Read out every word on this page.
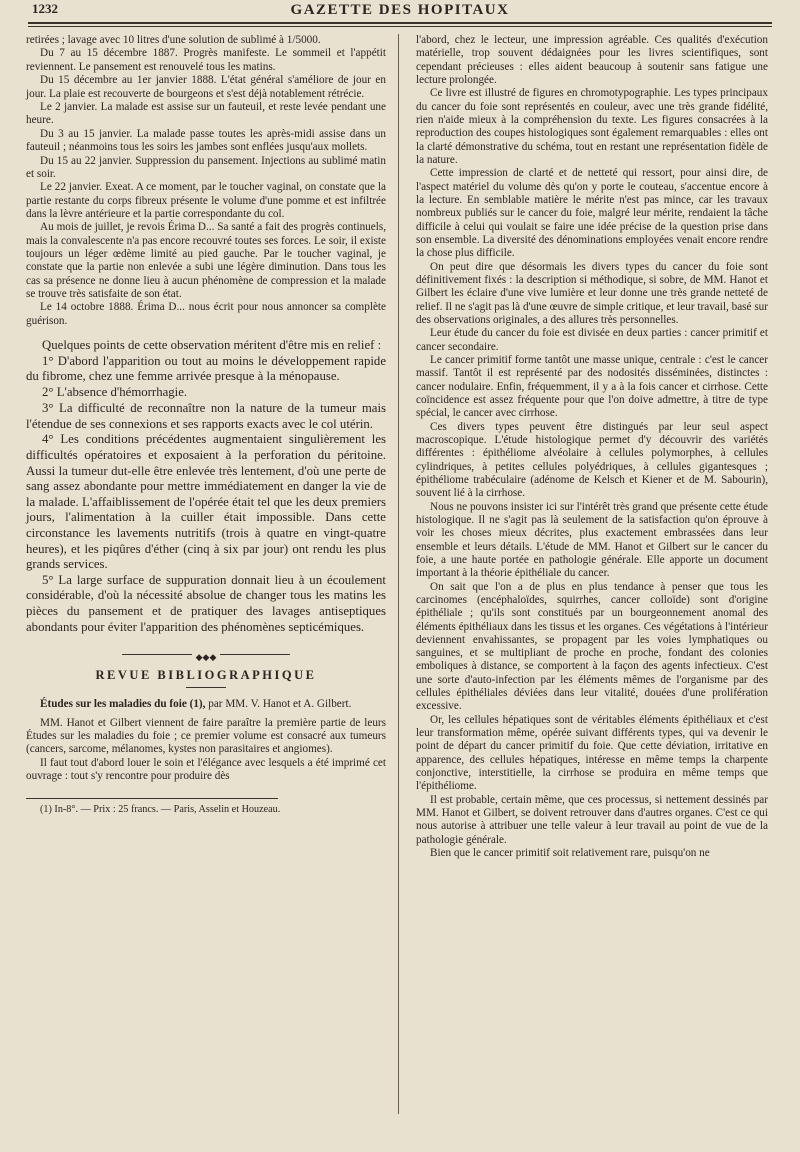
1232	GAZETTE DES HOPITAUX

retirées ; lavage avec 10 litres d'une solution de sublimé à 1/5000.

Du 7 au 15 décembre 1887. Progrès manifeste. Le sommeil et l'appétit reviennent. Le pansement est renouvelé tous les matins.

Du 15 décembre au 1er janvier 1888. L'état général s'améliore de jour en jour. La plaie est recouverte de bourgeons et s'est déjà notablement rétrécie.

Le 2 janvier. La malade est assise sur un fauteuil, et reste levée pendant une heure.

Du 3 au 15 janvier. La malade passe toutes les après-midi assise dans un fauteuil ; néanmoins tous les soirs les jambes sont enflées jusqu'aux mollets.

Du 15 au 22 janvier. Suppression du pansement. Injections au sublimé matin et soir.

Le 22 janvier. Exeat. A ce moment, par le toucher vaginal, on constate que la partie restante du corps fibreux présente le volume d'une pomme et est infiltrée dans la lèvre antérieure et la partie correspondante du col.

Au mois de juillet, je revois Érima D... Sa santé a fait des progrès continuels, mais la convalescente n'a pas encore recouvré toutes ses forces. Le soir, il existe toujours un léger œdème limité au pied gauche. Par le toucher vaginal, je constate que la partie non enlevée a subi une légère diminution. Dans tous les cas sa présence ne donne lieu à aucun phénomène de compression et la malade se trouve très satisfaite de son état.

Le 14 octobre 1888. Érima D... nous écrit pour nous annoncer sa complète guérison.

Quelques points de cette observation méritent d'être mis en relief :

1° D'abord l'apparition ou tout au moins le développement rapide du fibrome, chez une femme arrivée presque à la ménopause.

2° L'absence d'hémorrhagie.

3° La difficulté de reconnaître non la nature de la tumeur mais l'étendue de ses connexions et ses rapports exacts avec le col utérin.

4° Les conditions précédentes augmentaient singulièrement les difficultés opératoires et exposaient à la perforation du péritoine. Aussi la tumeur dut-elle être enlevée très lentement, d'où une perte de sang assez abondante pour mettre immédiatement en danger la vie de la malade. L'affaiblissement de l'opérée était tel que les deux premiers jours, l'alimentation à la cuiller était impossible. Dans cette circonstance les lavements nutritifs (trois à quatre en vingt-quatre heures), et les piqûres d'éther (cinq à six par jour) ont rendu les plus grands services.

5° La large surface de suppuration donnait lieu à un écoulement considérable, d'où la nécessité absolue de changer tous les matins les pièces du pansement et de pratiquer des lavages antiseptiques abondants pour éviter l'apparition des phénomènes septicémiques.

◆◆◆
REVUE BIBLIOGRAPHIQUE

Études sur les maladies du foie (1), par MM. V. Hanot et A. Gilbert.

MM. Hanot et Gilbert viennent de faire paraître la première partie de leurs Études sur les maladies du foie ; ce premier volume est consacré aux tumeurs (cancers, sarcome, mélanomes, kystes non parasitaires et angiomes).

Il faut tout d'abord louer le soin et l'élégance avec lesquels a été imprimé cet ouvrage : tout s'y rencontre pour produire dès

(1) In-8°. — Prix : 25 francs. — Paris, Asselin et Houzeau.

l'abord, chez le lecteur, une impression agréable. Ces qualités d'exécution matérielle, trop souvent dédaignées pour les livres scientifiques, sont cependant précieuses : elles aident beaucoup à soutenir sans fatigue une lecture prolongée.

Ce livre est illustré de figures en chromotypographie. Les types principaux du cancer du foie sont représentés en couleur, avec une très grande fidélité, rien n'aide mieux à la compréhension du texte. Les figures consacrées à la reproduction des coupes histologiques sont également remarquables : elles ont la clarté démonstrative du schéma, tout en restant une représentation fidèle de la nature.

Cette impression de clarté et de netteté qui ressort, pour ainsi dire, de l'aspect matériel du volume dès qu'on y porte le couteau, s'accentue encore à la lecture. En semblable matière le mérite n'est pas mince, car les travaux nombreux publiés sur le cancer du foie, malgré leur mérite, rendaient la tâche difficile à celui qui voulait se faire une idée précise de la question prise dans son ensemble. La diversité des dénominations employées venait encore rendre la chose plus difficile.

On peut dire que désormais les divers types du cancer du foie sont définitivement fixés : la description si méthodique, si sobre, de MM. Hanot et Gilbert les éclaire d'une vive lumière et leur donne une très grande netteté de relief. Il ne s'agit pas là d'une œuvre de simple critique, et leur travail, basé sur des observations originales, a des allures très personnelles.

Leur étude du cancer du foie est divisée en deux parties : cancer primitif et cancer secondaire.

Le cancer primitif forme tantôt une masse unique, centrale : c'est le cancer massif. Tantôt il est représenté par des nodosités disséminées, distinctes : cancer nodulaire. Enfin, fréquemment, il y a à la fois cancer et cirrhose. Cette coïncidence est assez fréquente pour que l'on doive admettre, à titre de type spécial, le cancer avec cirrhose.

Ces divers types peuvent être distingués par leur seul aspect macroscopique. L'étude histologique permet d'y découvrir des variétés différentes : épithéliome alvéolaire à cellules polymorphes, à cellules cylindriques, à petites cellules polyédriques, à cellules gigantesques ; épithéliome trabéculaire (adénome de Kelsch et Kiener et de M. Sabourin), souvent lié à la cirrhose.

Nous ne pouvons insister ici sur l'intérêt très grand que présente cette étude histologique. Il ne s'agit pas là seulement de la satisfaction qu'on éprouve à voir les choses mieux décrites, plus exactement embrassées dans leur ensemble et leurs détails. L'étude de MM. Hanot et Gilbert sur le cancer du foie, a une haute portée en pathologie générale. Elle apporte un document important à la théorie épithéliale du cancer.

On sait que l'on a de plus en plus tendance à penser que tous les carcinomes (encéphaloïdes, squirrhes, cancer colloïde) sont d'origine épithéliale ; qu'ils sont constitués par un bourgeonnement anomal des éléments épithéliaux dans les tissus et les organes. Ces végétations à l'intérieur deviennent envahissantes, se propagent par les voies lymphatiques ou sanguines, et se multipliant de proche en proche, fondant des colonies emboliques à distance, se comportent à la façon des agents infectieux. C'est une sorte d'auto-infection par les éléments mêmes de l'organisme par des cellules épithéliales déviées dans leur vitalité, douées d'une prolifération excessive.

Or, les cellules hépatiques sont de véritables éléments épithéliaux et c'est leur transformation même, opérée suivant différents types, qui va devenir le point de départ du cancer primitif du foie. Que cette déviation, irritative en apparence, des cellules hépatiques, intéresse en même temps la charpente conjonctive, interstitielle, la cirrhose se produira en même temps que l'épithéliome.

Il est probable, certain même, que ces processus, si nettement dessinés par MM. Hanot et Gilbert, se doivent retrouver dans d'autres organes. C'est ce qui nous autorise à attribuer une telle valeur à leur travail au point de vue de la pathologie générale.

Bien que le cancer primitif soit relativement rare, puisqu'on ne
